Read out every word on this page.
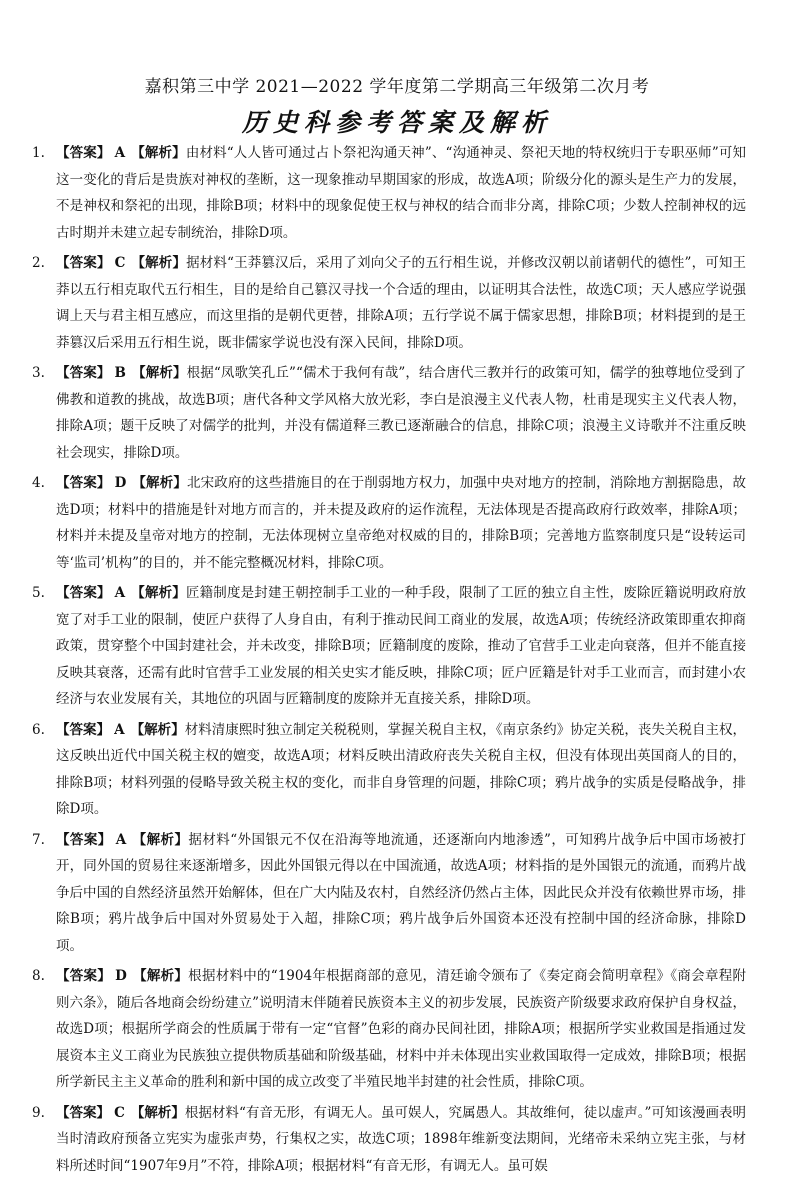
嘉积第三中学 2021—2022 学年度第二学期高三年级第二次月考
历史科参考答案及解析
1. 【答案】 A 【解析】由材料“人人皆可通过占卜祭祀沟通天神”、“沟通神灵、祭祀天地的特权统归于专职巫师”可知这一变化的背后是贵族对神权的垄断，这一现象推动早期国家的形成，故选A项；阶级分化的源头是生产力的发展，不是神权和祭祀的出现，排除B项；材料中的现象促使王权与神权的结合而非分离，排除C项；少数人控制神权的远古时期并未建立起专制统治，排除D项。

2. 【答案】 C 【解析】据材料“王莽篡汉后，采用了刘向父子的五行相生说，并修改汉朝以前诸朝代的德性”，可知王莽以五行相克取代五行相生，目的是给自己篡汉寻找一个合适的理由，以证明其合法性，故选C项；天人感应学说强调上天与君主相互感应，而这里指的是朝代更替，排除A项；五行学说不属于儒家思想，排除B项；材料提到的是王莽篡汉后采用五行相生说，既非儒家学说也没有深入民间，排除D项。

3. 【答案】 B 【解析】根据“凤歌笑孔丘”“儒术于我何有哉”，结合唐代三教并行的政策可知，儒学的独尊地位受到了佛教和道教的挑战，故选B项；唐代各种文学风格大放光彩，李白是浪漫主义代表人物，杜甫是现实主义代表人物，排除A项；题干反映了对儒学的批判，并没有儒道释三教已逐渐融合的信息，排除C项；浪漫主义诗歌并不注重反映社会现实，排除D项。

4. 【答案】 D 【解析】北宋政府的这些措施目的在于削弱地方权力，加强中央对地方的控制，消除地方割据隐患，故选D项；材料中的措施是针对地方而言的，并未提及政府的运作流程，无法体现是否提高政府行政效率，排除A项；材料并未提及皇帝对地方的控制，无法体现树立皇帝绝对权威的目的，排除B项；完善地方监察制度只是“设转运司等‘监司’机构”的目的，并不能完整概况材料，排除C项。

5. 【答案】 A 【解析】匠籍制度是封建王朝控制手工业的一种手段，限制了工匠的独立自主性，废除匠籍说明政府放宽了对手工业的限制，使匠户获得了人身自由，有利于推动民间工商业的发展，故选A项；传统经济政策即重农抑商政策，贯穿整个中国封建社会，并未改变，排除B项；匠籍制度的废除，推动了官营手工业走向衰落，但并不能直接反映其衰落，还需有此时官营手工业发展的相关史实才能反映，排除C项；匠户匠籍是针对手工业而言，而封建小农经济与农业发展有关，其地位的巩固与匠籍制度的废除并无直接关系，排除D项。

6. 【答案】 A 【解析】材料清康熙时独立制定关税税则，掌握关税自主权，《南京条约》协定关税，丧失关税自主权，这反映出近代中国关税主权的嬗变，故选A项；材料反映出清政府丧失关税自主权，但没有体现出英国商人的目的，排除B项；材料列强的侵略导致关税主权的变化，而非自身管理的问题，排除C项；鸦片战争的实质是侵略战争，排除D项。

7. 【答案】 A 【解析】据材料“外国银元不仅在沿海等地流通，还逐渐向内地渗透”，可知鸦片战争后中国市场被打开，同外国的贸易往来逐渐增多，因此外国银元得以在中国流通，故选A项；材料指的是外国银元的流通，而鸦片战争后中国的自然经济虽然开始解体，但在广大内陆及农村，自然经济仍然占主体，因此民众并没有依赖世界市场，排除B项；鸦片战争后中国对外贸易处于入超，排除C项；鸦片战争后外国资本还没有控制中国的经济命脉，排除D项。

8. 【答案】 D 【解析】根据材料中的“1904年根据商部的意见，清廷谕令颁布了《奏定商会简明章程》《商会章程附则六条》，随后各地商会纷纷建立”说明清末伴随着民族资本主义的初步发展，民族资产阶级要求政府保护自身权益，故选D项；根据所学商会的性质属于带有一定“官督”色彩的商办民间社团，排除A项；根据所学实业救国是指通过发展资本主义工商业为民族独立提供物质基础和阶级基础，材料中并未体现出实业救国取得一定成效，排除B项；根据所学新民主主义革命的胜利和新中国的成立改变了半殖民地半封建的社会性质，排除C项。

9. 【答案】 C 【解析】根据材料“有音无形，有调无人。虽可娱人，究属愚人。其故维何，徒以虚声。”可知该漫画表明当时清政府预备立宪实为虚张声势，行集权之实，故选C项；1898年维新变法期间，光绪帝未采纳立宪主张，与材料所述时间“1907年9月”不符，排除A项；根据材料“有音无形，有调无人。虽可娱
